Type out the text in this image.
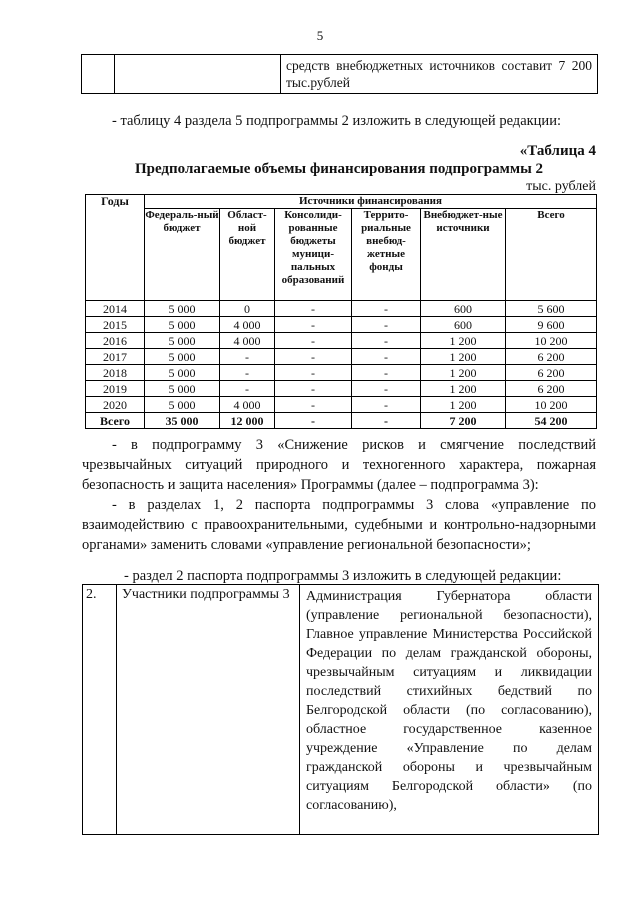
5
		средств внебюджетных источников составит 7 200 тыс.рублей
- таблицу 4 раздела 5 подпрограммы 2 изложить в следующей редакции:
«Таблица 4
Предполагаемые объемы финансирования подпрограммы 2
тыс. рублей
Годы	Источники финансирования					
	Федераль-ный бюджет	Област-ной бюджет	Консолиди-рованные бюджеты муници-пальных образований	Террито-риальные внебюд-жетные фонды	Внебюджет-ные источники	Всего
2014	5 000	0	-	-	600	5 600
2015	5 000	4 000	-	-	600	9 600
2016	5 000	4 000	-	-	1 200	10 200
2017	5 000	-	-	-	1 200	6 200
2018	5 000	-	-	-	1 200	6 200
2019	5 000	-	-	-	1 200	6 200
2020	5 000	4 000	-	-	1 200	10 200
Всего	35 000	12 000	-	-	7 200	54 200
- в подпрограмму 3 «Снижение рисков и смягчение последствий чрезвычайных ситуаций природного и техногенного характера, пожарная безопасность и защита населения» Программы (далее – подпрограмма 3):
- в разделах 1, 2 паспорта подпрограммы 3 слова «управление по взаимодействию с правоохранительными, судебными и контрольно-надзорными органами» заменить словами «управление региональной безопасности»;
- раздел 2 паспорта подпрограммы 3 изложить в следующей редакции:
2.	Участники подпрограммы 3	Администрация Губернатора области (управление региональной безопасности), Главное управление Министерства Российской Федерации по делам гражданской обороны, чрезвычайным ситуациям и ликвидации последствий стихийных бедствий по Белгородской области (по согласованию), областное государственное казенное учреждение «Управление по делам гражданской обороны и чрезвычайным ситуациям Белгородской области» (по согласованию),
